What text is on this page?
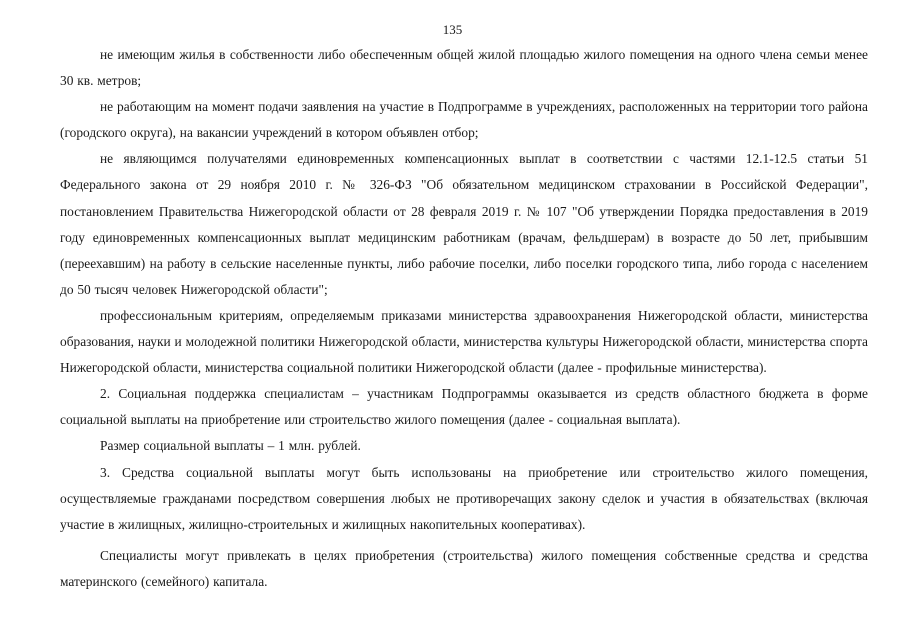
135

не имеющим жилья в собственности либо обеспеченным общей жилой площадью жилого помещения на одного члена семьи менее 30 кв. метров;

не работающим на момент подачи заявления на участие в Подпрограмме в учреждениях, расположенных на территории того района (городского округа), на вакансии учреждений в котором объявлен отбор;

не являющимся получателями единовременных компенсационных выплат в соответствии с частями 12.1-12.5 статьи 51 Федерального закона от 29 ноября 2010 г. № 326-ФЗ "Об обязательном медицинском страховании в Российской Федерации", постановлением Правительства Нижегородской области от 28 февраля 2019 г. № 107 "Об утверждении Порядка предоставления в 2019 году единовременных компенсационных выплат медицинским работникам (врачам, фельдшерам) в возрасте до 50 лет, прибывшим (переехавшим) на работу в сельские населенные пункты, либо рабочие поселки, либо поселки городского типа, либо города с населением до 50 тысяч человек Нижегородской области";

профессиональным критериям, определяемым приказами министерства здравоохранения Нижегородской области, министерства образования, науки и молодежной политики Нижегородской области, министерства культуры Нижегородской области, министерства спорта Нижегородской области, министерства социальной политики Нижегородской области (далее - профильные министерства).

2. Социальная поддержка специалистам – участникам Подпрограммы оказывается из средств областного бюджета в форме социальной выплаты на приобретение или строительство жилого помещения (далее - социальная выплата).

Размер социальной выплаты – 1 млн. рублей.

3. Средства социальной выплаты могут быть использованы на приобретение или строительство жилого помещения, осуществляемые гражданами посредством совершения любых не противоречащих закону сделок и участия в обязательствах (включая участие в жилищных, жилищно-строительных и жилищных накопительных кооперативах).

Специалисты могут привлекать в целях приобретения (строительства) жилого помещения собственные средства и средства материнского (семейного) капитала.
